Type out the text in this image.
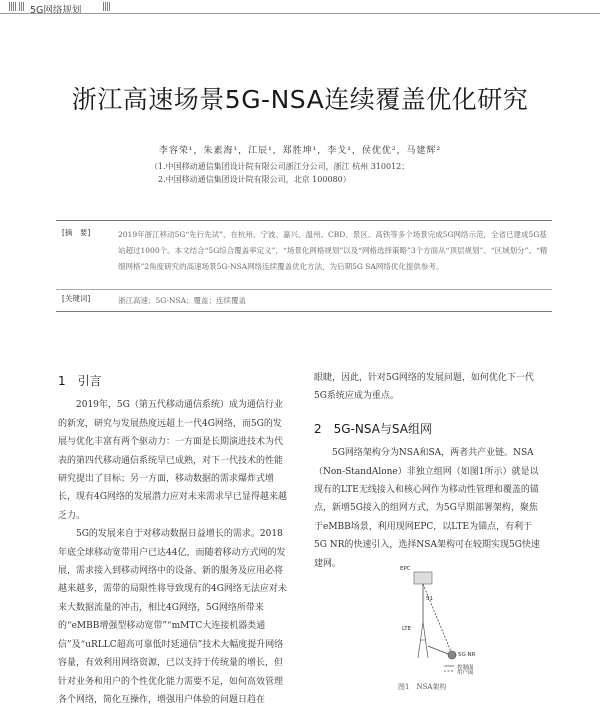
|||| ||| 5G网络规划 ||||
浙江高速场景5G-NSA连续覆盖优化研究
李容荣¹，朱素海¹，江辰¹，郑胜坤¹，李戈¹，侯优优²，马建辉²
（1.中国移动通信集团设计院有限公司浙江分公司，浙江 杭州 310012；
2.中国移动通信集团设计院有限公司，北京 100080）
[摘　要]	2019年浙江移动5G“先行先试”，在杭州、宁波、嘉兴、温州、CBD、景区、高铁等多个场景完成5G网络示范，全省已建成5G基站超过1000个。本文结合“5G综合覆盖率定义”，“场景化网格规划”以及“网格选择策略”3个方面从“顶层规划”、“区域划分”、“精细网格”2角度研究的高速场景5G-NSA网络连续覆盖优化方法，为后期5G SA网络优化提供参考。
[关键词]	浙江高速；5G-NSA；覆盖；连续覆盖
1　引言

2019年，5G（第五代移动通信系统）成为通信行业的新宠，研究与发展热度远超上一代4G网络，而5G的发展与优化丰富有两个驱动力：一方面是长期演进技术为代表的第四代移动通信系统早已成熟，对下一代技术的性能研究提出了目标；另一方面，移动数据的需求爆炸式增长，现有4G网络的发展潜力应对未来需求早已显得越来越乏力。

5G的发展来自于对移动数据日益增长的需求。2018年底全球移动宽带用户已达44亿，而随着移动方式网的发展，需求接入到移动网络中的设备、新的服务及应用必将越来越多，需带的局限性将导致现有的4G网络无法应对未来大数据流量的冲击，相比4G网络，5G网络所带来的“eMBB增强型移动宽带”“mMTC大连接机器类通信”及“uRLLC超高可靠低时延通信”技术大幅度提升网络容量，有效利用网络资源，已以支持于传统量的增长，但针对业务和用户的个性优化能力需要不足，如何高效管理各个网络，简化互操作，增强用户体验的问题日趋在

眼睫，因此，针对5G网络的发展问题，如何优化下一代5G系统应成为重点。

2　5G-NSA与SA组网

5G网络架构分为NSA和SA，两者共产业链。NSA（Non-StandAlone）非独立组网（如图1所示）就是以现有的LTE无线接入和核心网作为移动性管理和覆盖的锚点，新增5G接入的组网方式，为5G早期部署架构，聚焦于eMBB场景，利用现网EPC，以LTE为锚点，有利于5G NR的快速引入，选择NSA架构可在较期实现5G快速建网。

EPC
S1
LTE
5G NR
控制面
用户面
图1　NSA架构
